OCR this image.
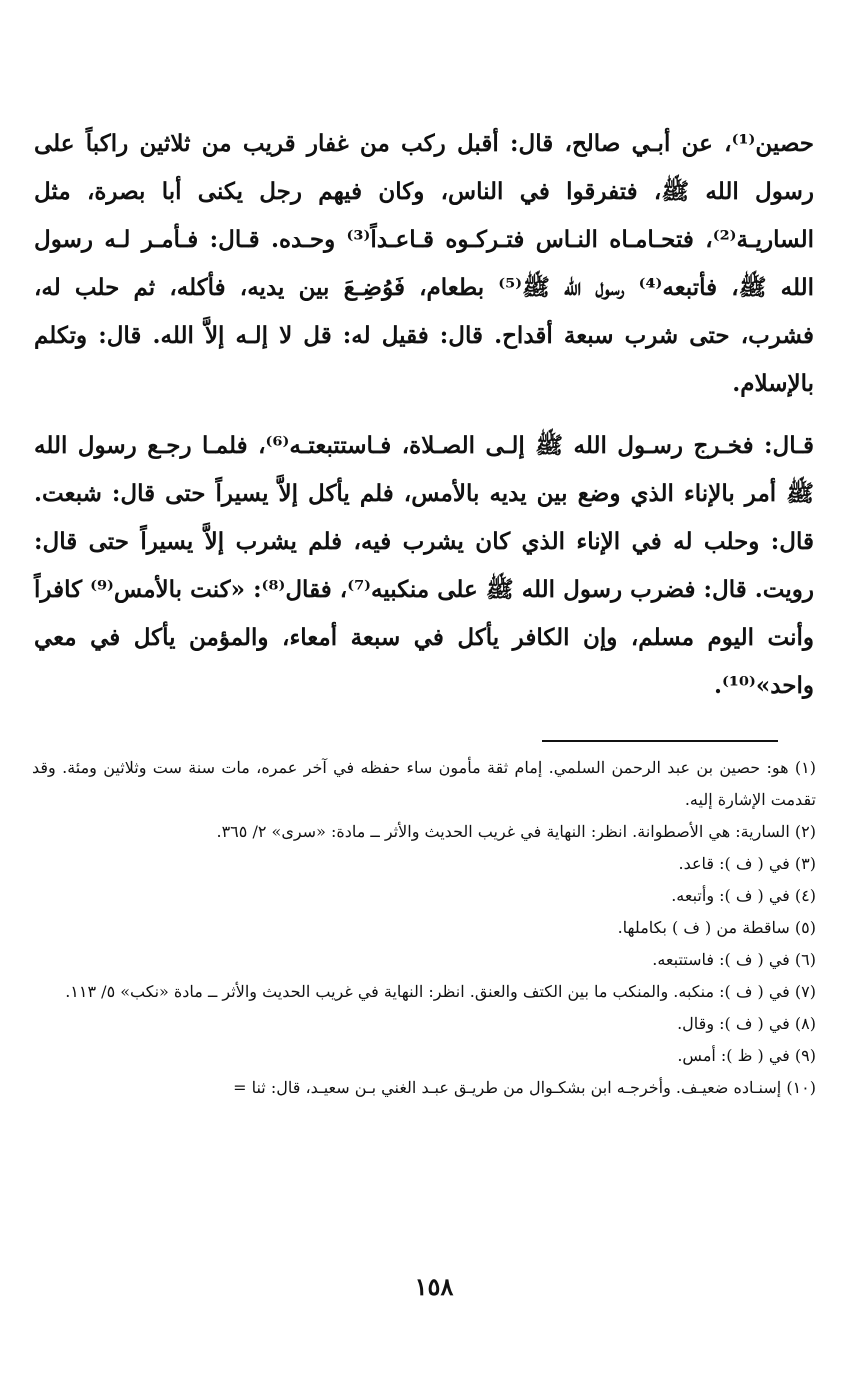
حصين⁽¹⁾، عن أبـي صالح، قال: أقبل ركب من غفار قريب من ثلاثين راكباً على رسول الله ﷺ، فتفرقوا في الناس، وكان فيهم رجل يكنى أبا بصرة، مثل الساريـة⁽²⁾، فتحـامـاه النـاس فتـركـوه قـاعـداً⁽³⁾ وحـده. قـال: فـأمـر لـه رسول الله ﷺ، فأتبعه⁽⁴⁾ رسول الله ﷺ⁽⁵⁾ بطعام، فَوُضِـعَ بين يديه، فأكله، ثم حلب له، فشرب، حتى شرب سبعة أقداح. قال: فقيل له: قل لا إلـه إلاَّ الله. قال: وتكلم بالإسلام.

قـال: فخـرج رسـول الله ﷺ إلـى الصـلاة، فـاستتبعتـه⁽⁶⁾، فلمـا رجـع رسول الله ﷺ أمر بالإناء الذي وضع بين يديه بالأمس، فلم يأكل إلاَّ يسيراً حتى قال: شبعت. قال: وحلب له في الإناء الذي كان يشرب فيه، فلم يشرب إلاَّ يسيراً حتى قال: رويت. قال: فضرب رسول الله ﷺ على منكبيه⁽⁷⁾، فقال⁽⁸⁾: «كنت بالأمس⁽⁹⁾ كافراً وأنت اليوم مسلم، وإن الكافر يأكل في سبعة أمعاء، والمؤمن يأكل في معي واحد»⁽¹⁰⁾.

(١) هو: حصين بن عبد الرحمن السلمي. إمام ثقة مأمون ساء حفظه في آخر عمره، مات سنة ست وثلاثين ومئة. وقد تقدمت الإشارة إليه.

(٢) السارية: هي الأصطوانة. انظر: النهاية في غريب الحديث والأثر ــ مادة: «سرى» ٢/ ٣٦٥.

(٣) في ( ف ): قاعد.

(٤) في ( ف ): وأتبعه.

(٥) ساقطة من ( ف ) بكاملها.

(٦) في ( ف ): فاستتبعه.

(٧) في ( ف ): منكبه. والمنكب ما بين الكتف والعنق. انظر: النهاية في غريب الحديث والأثر ــ مادة «نكب» ٥/ ١١٣.

(٨) في ( ف ): وقال.

(٩) في ( ظ ): أمس.

(١٠) إسنـاده ضعيـف. وأخرجـه ابن بشكـوال من طريـق عبـد الغني بـن سعيـد، قال: ثنا =

١٥٨
